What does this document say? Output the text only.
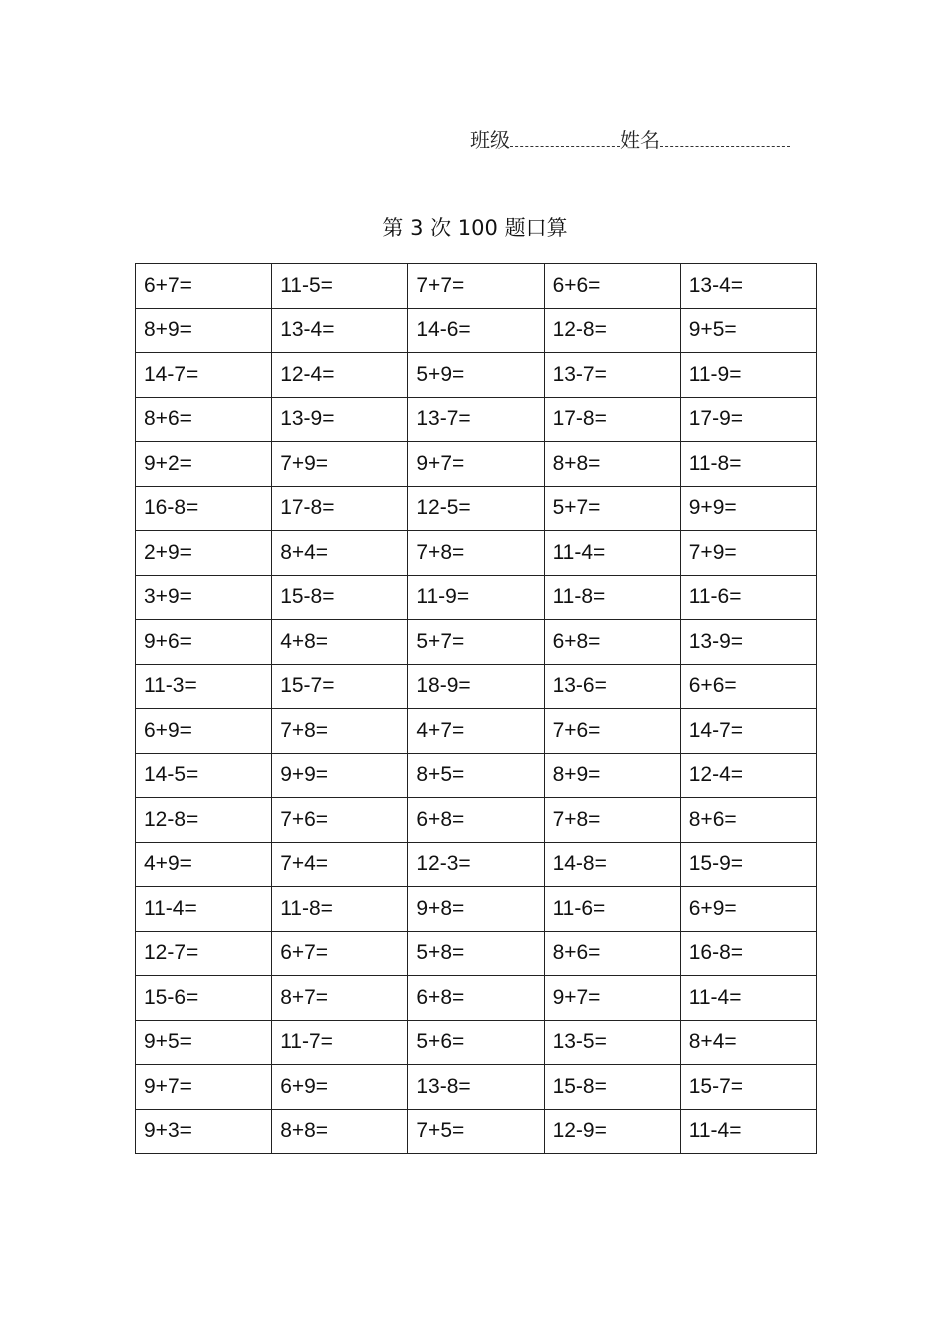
班级	姓名
第 3 次 100 题口算
6+7=	11-5=	7+7=	6+6=	13-4=
8+9=	13-4=	14-6=	12-8=	9+5=
14-7=	12-4=	5+9=	13-7=	11-9=
8+6=	13-9=	13-7=	17-8=	17-9=
9+2=	7+9=	9+7=	8+8=	11-8=
16-8=	17-8=	12-5=	5+7=	9+9=
2+9=	8+4=	7+8=	11-4=	7+9=
3+9=	15-8=	11-9=	11-8=	11-6=
9+6=	4+8=	5+7=	6+8=	13-9=
11-3=	15-7=	18-9=	13-6=	6+6=
6+9=	7+8=	4+7=	7+6=	14-7=
14-5=	9+9=	8+5=	8+9=	12-4=
12-8=	7+6=	6+8=	7+8=	8+6=
4+9=	7+4=	12-3=	14-8=	15-9=
11-4=	11-8=	9+8=	11-6=	6+9=
12-7=	6+7=	5+8=	8+6=	16-8=
15-6=	8+7=	6+8=	9+7=	11-4=
9+5=	11-7=	5+6=	13-5=	8+4=
9+7=	6+9=	13-8=	15-8=	15-7=
9+3=	8+8=	7+5=	12-9=	11-4=
